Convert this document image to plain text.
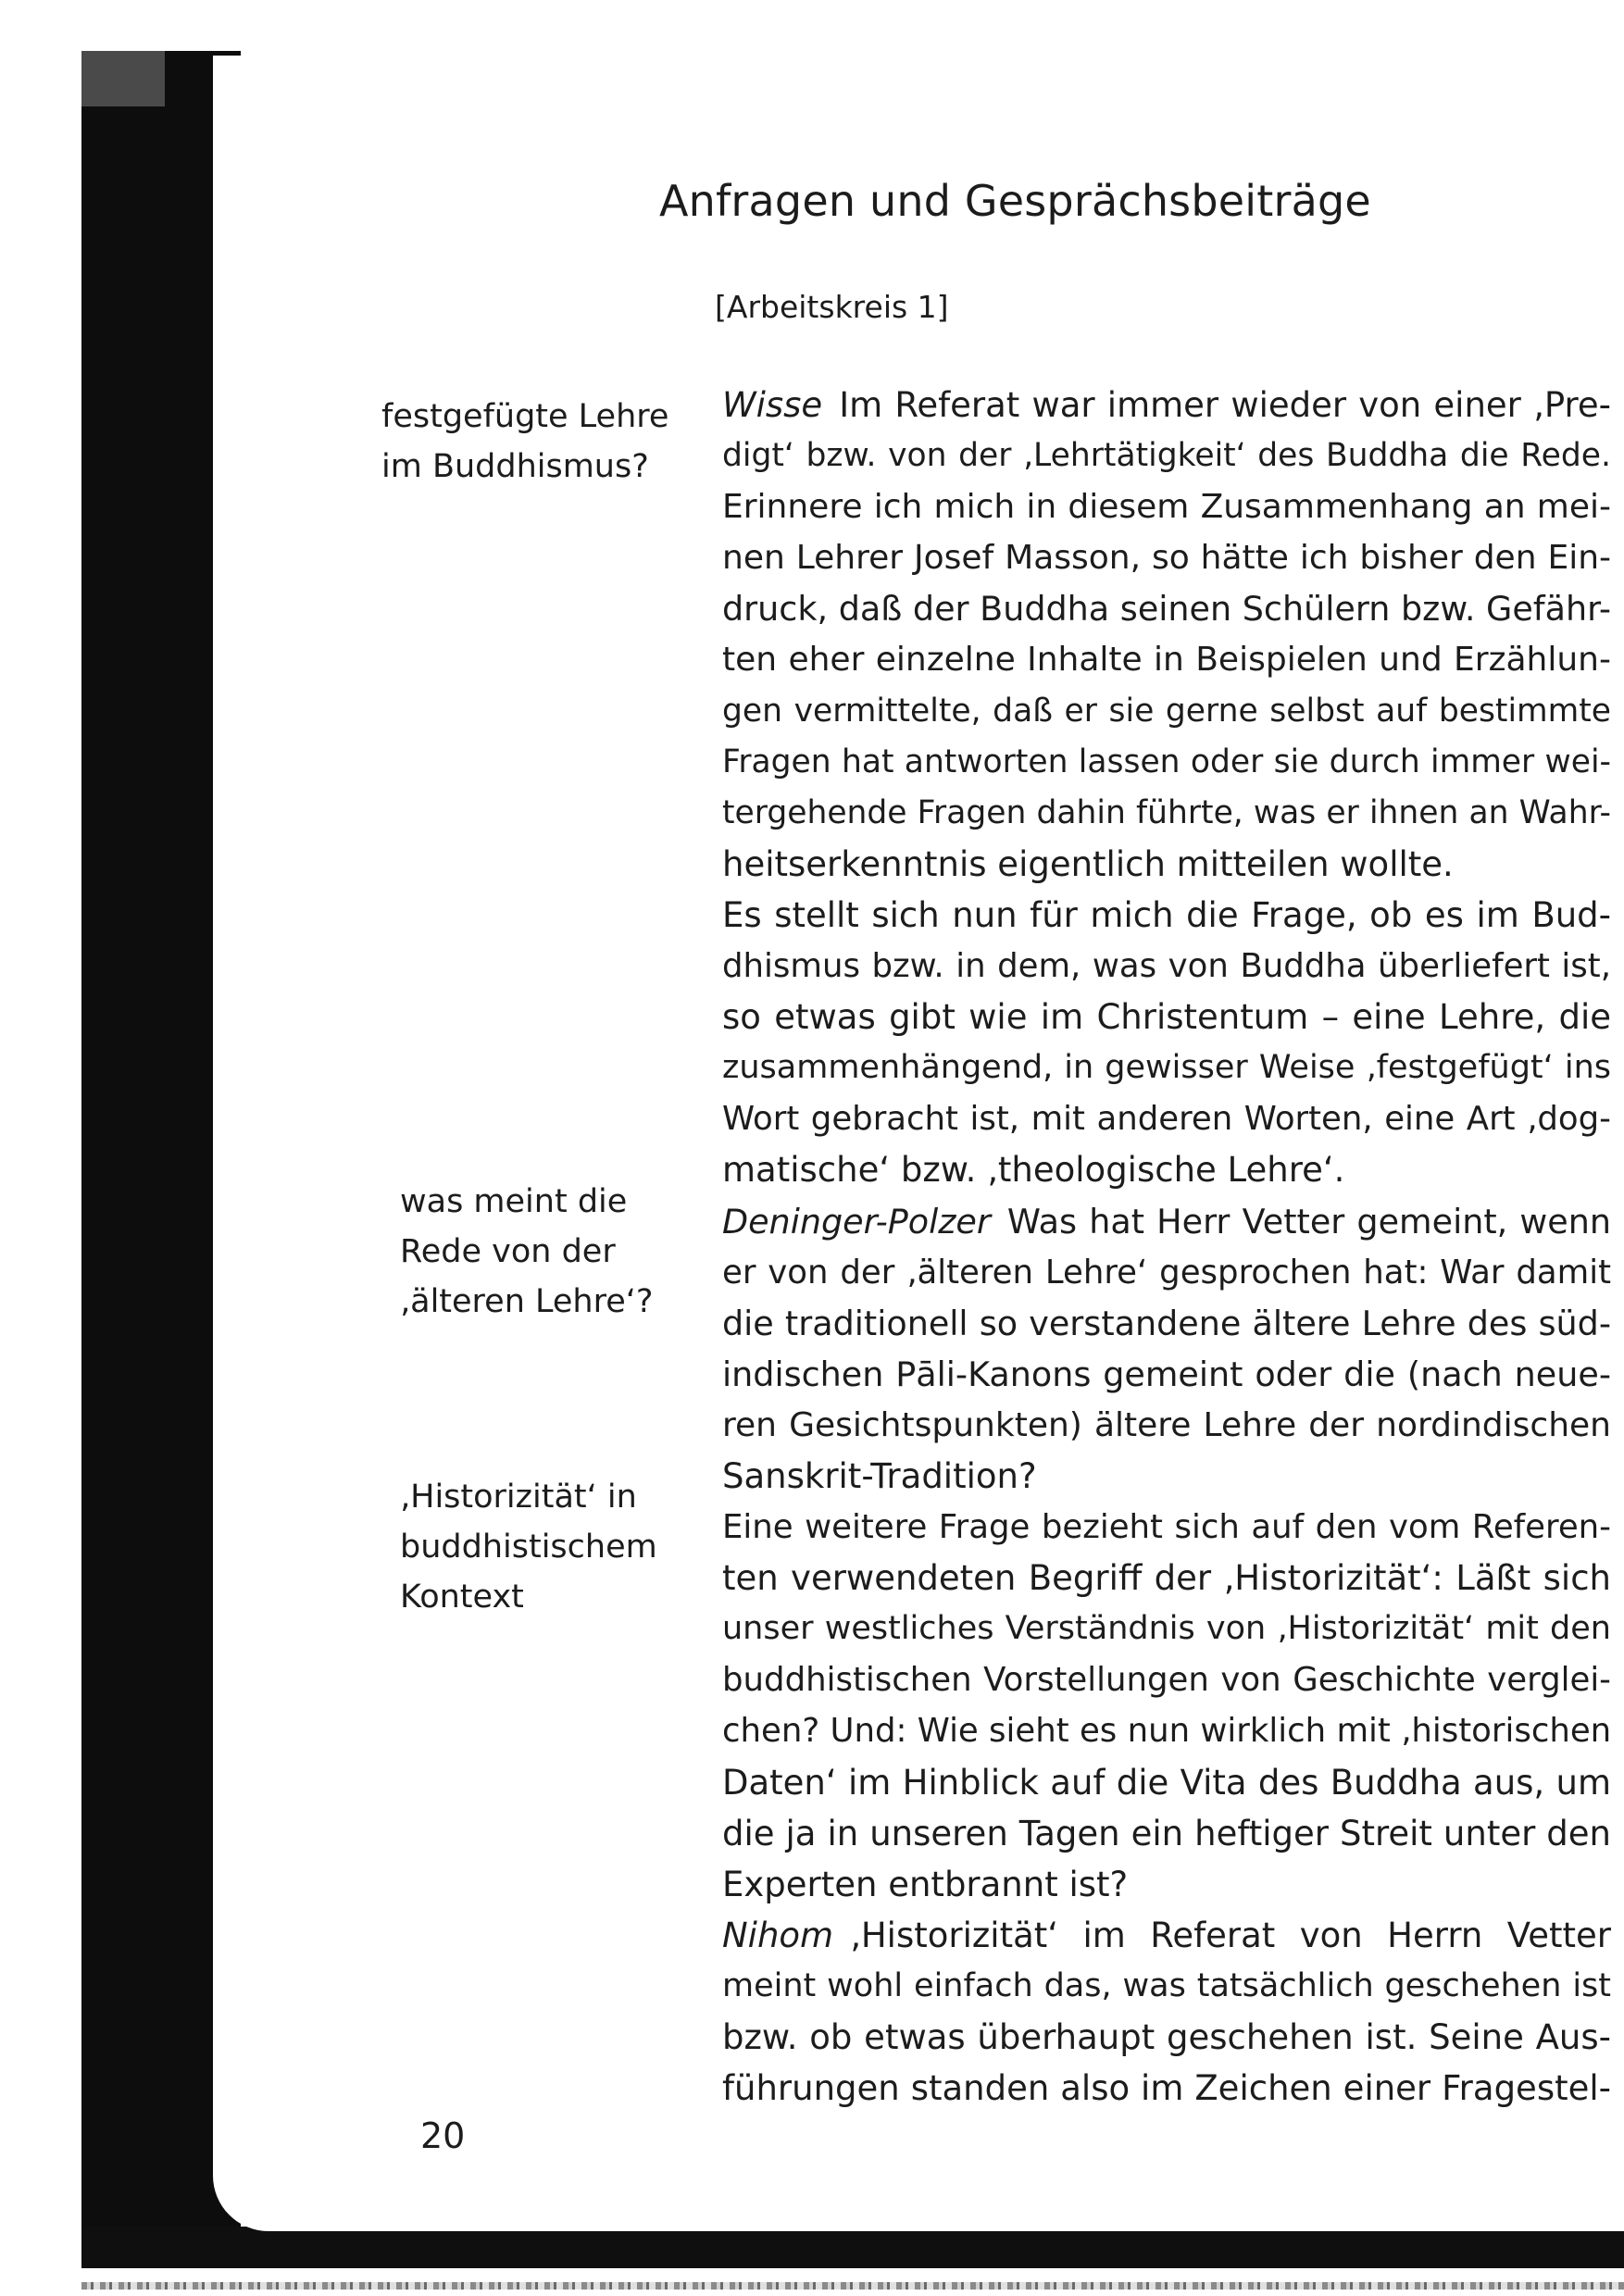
Anfragen und Gesprächsbeiträge
[Arbeitskreis 1]
festgefügte Lehre
im Buddhismus?
was meint die
Rede von der
‚älteren Lehre‘?
‚Historizität‘ in
buddhistischem
Kontext
Wisse Im Referat war immer wieder von einer ‚Pre-
digt‘ bzw. von der ‚Lehrtätigkeit‘ des Buddha die Rede.
Erinnere ich mich in diesem Zusammenhang an mei-
nen Lehrer Josef Masson, so hätte ich bisher den Ein-
druck, daß der Buddha seinen Schülern bzw. Gefähr-
ten eher einzelne Inhalte in Beispielen und Erzählun-
gen vermittelte, daß er sie gerne selbst auf bestimmte
Fragen hat antworten lassen oder sie durch immer wei-
tergehende Fragen dahin führte, was er ihnen an Wahr-
heitserkenntnis eigentlich mitteilen wollte.
Es stellt sich nun für mich die Frage, ob es im Bud-
dhismus bzw. in dem, was von Buddha überliefert ist,
so etwas gibt wie im Christentum – eine Lehre, die
zusammenhängend, in gewisser Weise ‚festgefügt‘ ins
Wort gebracht ist, mit anderen Worten, eine Art ‚dog-
matische‘ bzw. ‚theologische Lehre‘.
Deninger-Polzer Was hat Herr Vetter gemeint, wenn
er von der ‚älteren Lehre‘ gesprochen hat: War damit
die traditionell so verstandene ältere Lehre des süd-
indischen Pāli-Kanons gemeint oder die (nach neue-
ren Gesichtspunkten) ältere Lehre der nordindischen
Sanskrit-Tradition?
Eine weitere Frage bezieht sich auf den vom Referen-
ten verwendeten Begriff der ‚Historizität‘: Läßt sich
unser westliches Verständnis von ‚Historizität‘ mit den
buddhistischen Vorstellungen von Geschichte verglei-
chen? Und: Wie sieht es nun wirklich mit ‚historischen
Daten‘ im Hinblick auf die Vita des Buddha aus, um
die ja in unseren Tagen ein heftiger Streit unter den
Experten entbrannt ist?
Nihom ‚Historizität‘ im Referat von Herrn Vetter
meint wohl einfach das, was tatsächlich geschehen ist
bzw. ob etwas überhaupt geschehen ist. Seine Aus-
führungen standen also im Zeichen einer Fragestel-
20
